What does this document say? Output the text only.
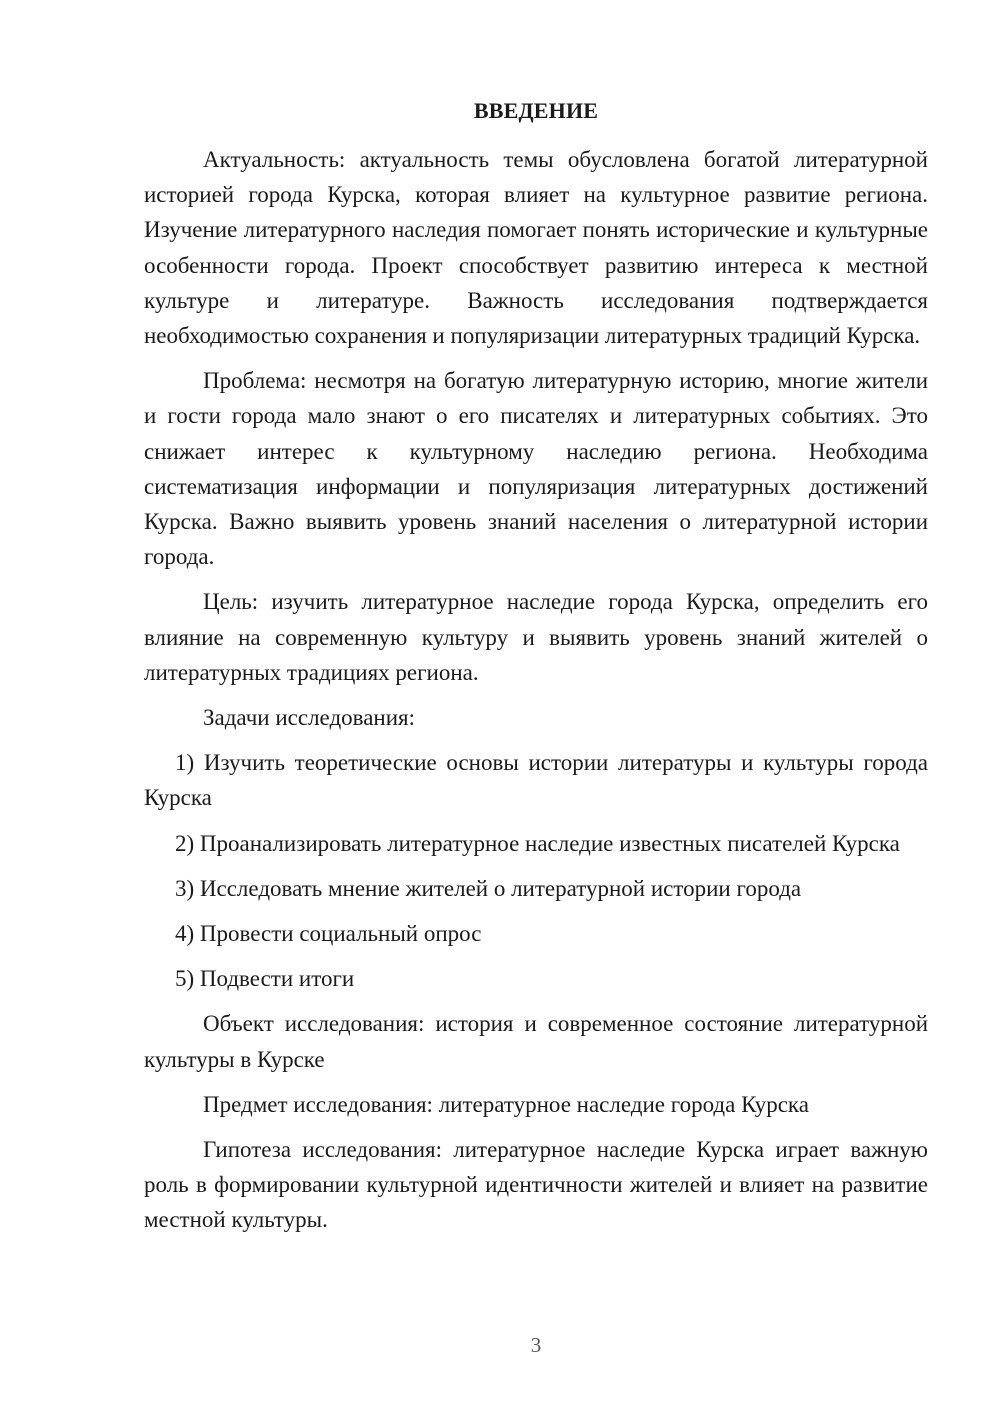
ВВЕДЕНИЕ

Актуальность: актуальность темы обусловлена богатой литературной историей города Курска, которая влияет на культурное развитие региона. Изучение литературного наследия помогает понять исторические и культурные особенности города. Проект способствует развитию интереса к местной культуре и литературе. Важность исследования подтверждается необходимостью сохранения и популяризации литературных традиций Курска.

Проблема: несмотря на богатую литературную историю, многие жители и гости города мало знают о его писателях и литературных событиях. Это снижает интерес к культурному наследию региона. Необходима систематизация информации и популяризация литературных достижений Курска. Важно выявить уровень знаний населения о литературной истории города.

Цель: изучить литературное наследие города Курска, определить его влияние на современную культуру и выявить уровень знаний жителей о литературных традициях региона.

Задачи исследования:

1) Изучить теоретические основы истории литературы и культуры города Курска

2) Проанализировать литературное наследие известных писателей Курска

3) Исследовать мнение жителей о литературной истории города

4) Провести социальный опрос

5) Подвести итоги

Объект исследования: история и современное состояние литературной культуры в Курске

Предмет исследования: литературное наследие города Курска

Гипотеза исследования: литературное наследие Курска играет важную роль в формировании культурной идентичности жителей и влияет на развитие местной культуры.

3
